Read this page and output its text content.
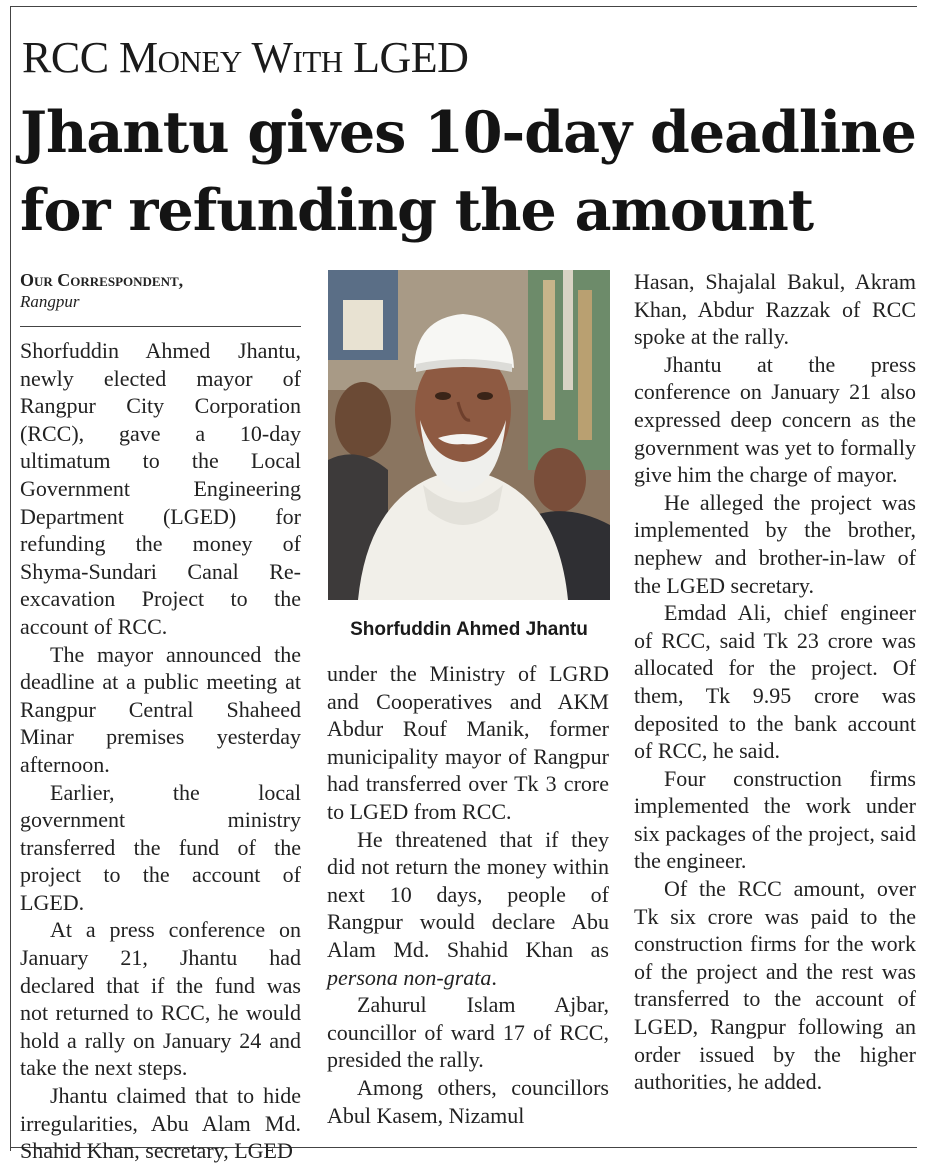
RCC Money With LGED
Jhantu gives 10-day deadline for refunding the amount
Our Correspondent,
Rangpur

Shorfuddin Ahmed Jhantu, newly elected mayor of Rangpur City Corporation (RCC), gave a 10-day ultimatum to the Local Government Engineering Department (LGED) for refunding the money of Shyma-Sundari Canal Re-excavation Project to the account of RCC.

The mayor announced the deadline at a public meeting at Rangpur Central Shaheed Minar premises yesterday afternoon.

Earlier, the local government ministry transferred the fund of the project to the account of LGED.

At a press conference on January 21, Jhantu had declared that if the fund was not returned to RCC, he would hold a rally on January 24 and take the next steps.

Jhantu claimed that to hide irregularities, Abu Alam Md. Shahid Khan, secretary, LGED

Shorfuddin Ahmed Jhantu

under the Ministry of LGRD and Cooperatives and AKM Abdur Rouf Manik, former municipality mayor of Rangpur had transferred over Tk 3 crore to LGED from RCC.

He threatened that if they did not return the money within next 10 days, people of Rangpur would declare Abu Alam Md. Shahid Khan as persona non-grata.

Zahurul Islam Ajbar, councillor of ward 17 of RCC, presided the rally.

Among others, councillors Abul Kasem, Nizamul

Hasan, Shajalal Bakul, Akram Khan, Abdur Razzak of RCC spoke at the rally.

Jhantu at the press conference on January 21 also expressed deep concern as the government was yet to formally give him the charge of mayor.

He alleged the project was implemented by the brother, nephew and brother-in-law of the LGED secretary.

Emdad Ali, chief engineer of RCC, said Tk 23 crore was allocated for the project. Of them, Tk 9.95 crore was deposited to the bank account of RCC, he said.

Four construction firms implemented the work under six packages of the project, said the engineer.

Of the RCC amount, over Tk six crore was paid to the construction firms for the work of the project and the rest was transferred to the account of LGED, Rangpur following an order issued by the higher authorities, he added.
